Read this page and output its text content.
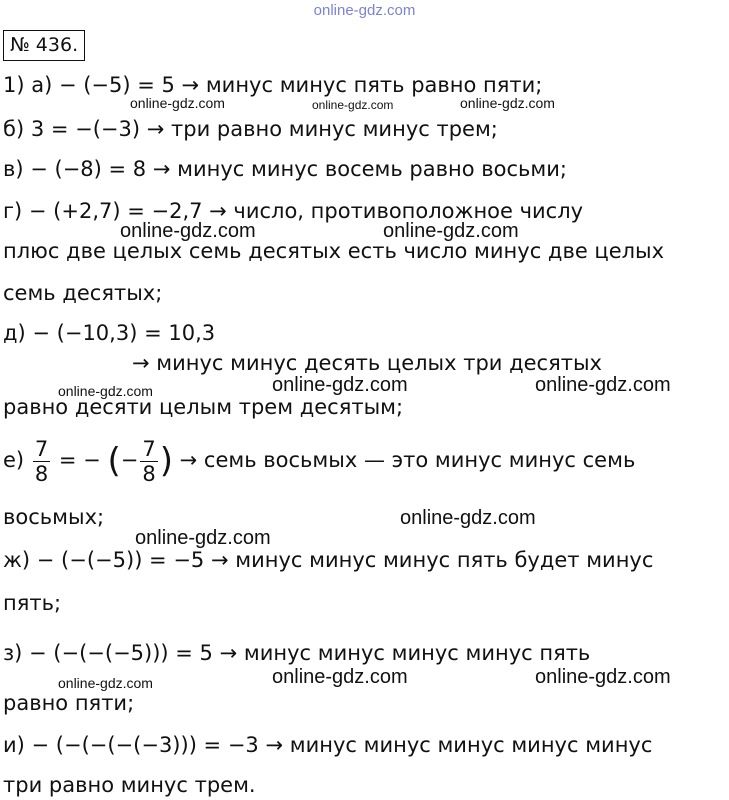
online-gdz.com
№ 436.
1) а) − (−5) = 5 → минус минус пять равно пяти;
б) 3 = −(−3) → три равно минус минус трем;
в) − (−8) = 8 → минус минус восемь равно восьми;
г) − (+2,7) = −2,7 → число, противоположное числу
плюс две целых семь десятых есть число минус две целых
семь десятых;
д) − (−10,3) = 10,3
→ минус минус десять целых три десятых
равно десяти целым трем десятым;
$е) \frac{7}{8}$ = − (− $\frac{7}{8}$ ) → семь восьмых — это минус минус семь
восьмых;
ж) − (−(−5)) = −5 → минус минус минус пять будет минус
пять;
з) − (−(−(−5))) = 5 → минус минус минус минус пять
равно пяти;
и) − (−(−(−(−3))) = −3 → минус минус минус минус минус
три равно минус трем.
online-gdz.com	online-gdz.com	online-gdz.com
online-gdz.com	online-gdz.com
online-gdz.com	online-gdz.com	online-gdz.com
online-gdz.com
online-gdz.com
online-gdz.com	online-gdz.com	online-gdz.com
